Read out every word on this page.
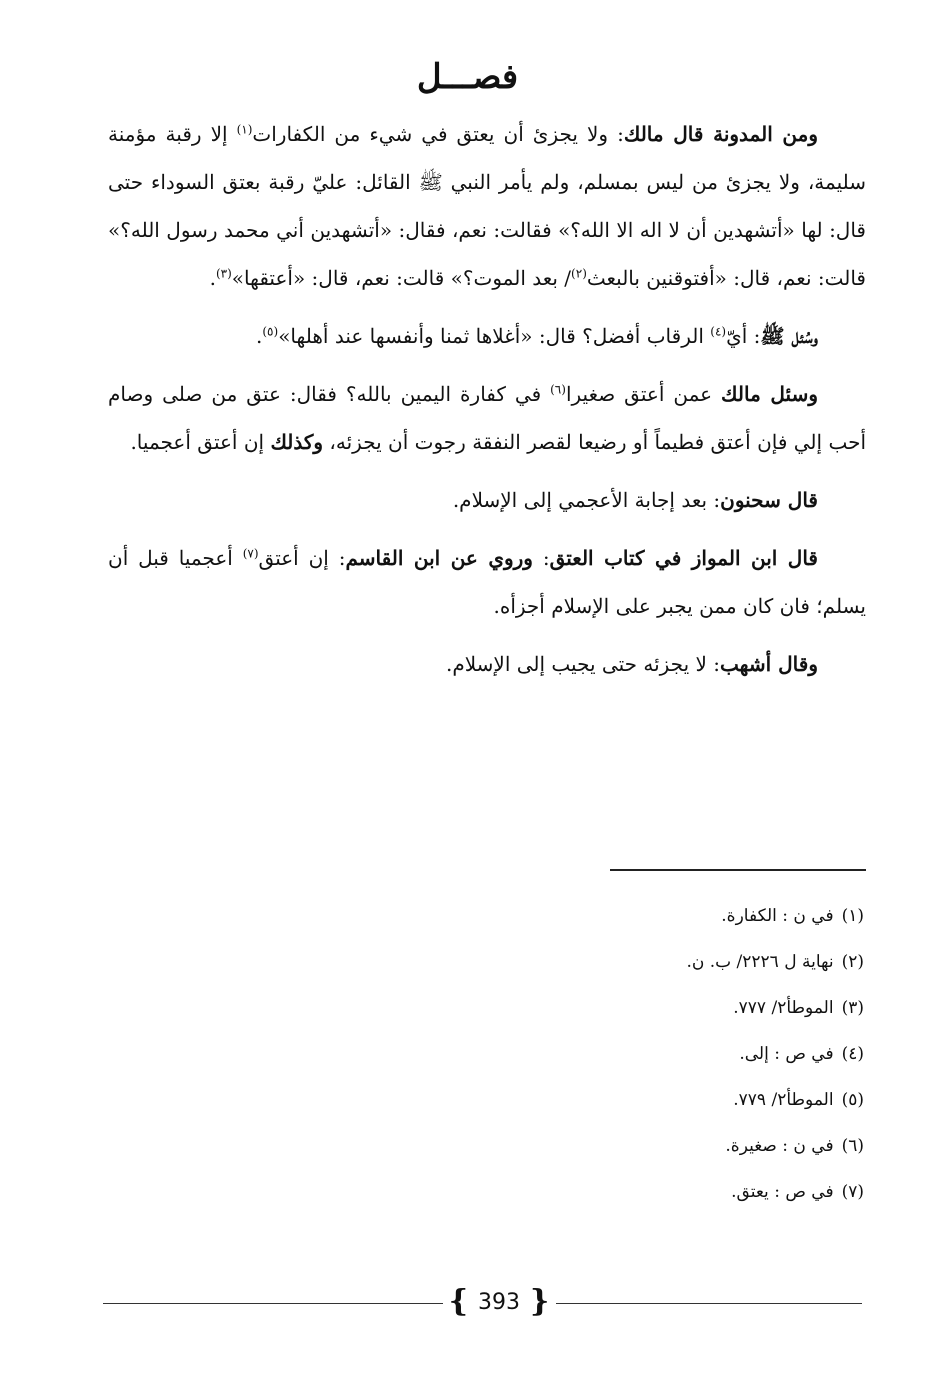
فصـــل

ومن المدونة قال مالك: ولا يجزئ أن يعتق في شيء من الكفارات$^{(١)}$ إلا رقبة مؤمنة سليمة، ولا يجزئ من ليس بمسلم، ولم يأمر النبي ﷺ القائل: عليّ رقبة بعتق السوداء حتى قال: لها «أتشهدين أن لا اله الا الله؟» فقالت: نعم، فقال: «أتشهدين أني محمد رسول الله؟» قالت: نعم، قال: «أفتوقنين بالبعث$^{(٢)}$/ بعد الموت؟» قالت: نعم، قال: «أعتقها»$^{(٣)}$.

وسُئل ﷺ: أيّ$^{(٤)}$ الرقاب أفضل؟ قال: «أغلاها ثمنا وأنفسها عند أهلها»$^{(٥)}$.

وسئل مالك عمن أعتق صغيرا$^{(٦)}$ في كفارة اليمين بالله؟ فقال: عتق من صلى وصام أحب إلي فإن أعتق فطيماً أو رضيعا لقصر النفقة رجوت أن يجزئه، وكذلك إن أعتق أعجميا.

قال سحنون: بعد إجابة الأعجمي إلى الإسلام.

قال ابن المواز في كتاب العتق: وروي عن ابن القاسم: إن أعتق$^{(٧)}$ أعجميا قبل أن يسلم؛ فان كان ممن يجبر على الإسلام أجزأه.

وقال أشهب: لا يجزئه حتى يجيب إلى الإسلام.

(١)في ن : الكفارة.
(٢)نهاية ل ٢٢٢٦/ ب. ن.
(٣)الموطأ٢/ ٧٧٧.
(٤)في ص : إلى.
(٥)الموطأ٢/ ٧٧٩.
(٦)في ن : صغيرة.
(٧)في ص : يعتق.
{ 393 }
